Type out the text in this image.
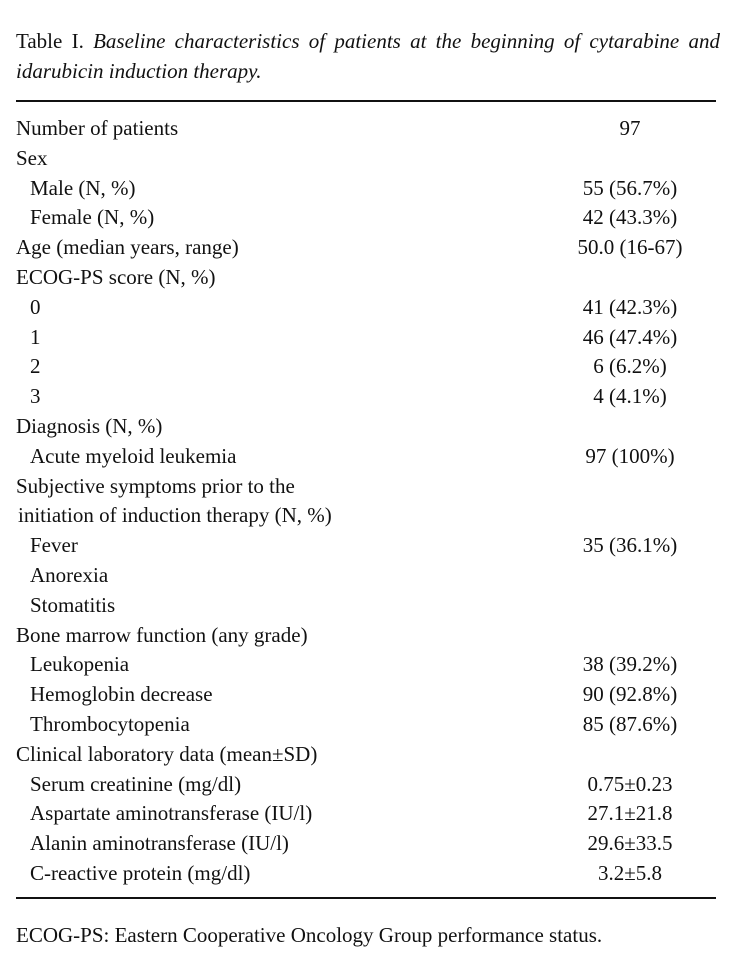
Table I. Baseline characteristics of patients at the beginning of cytarabine and idarubicin induction therapy.
Number of patients	97
Sex
Male (N, %)	55 (56.7%)
Female (N, %)	42 (43.3%)
Age (median years, range)	50.0 (16-67)
ECOG-PS score (N, %)
0	41 (42.3%)
1	46 (47.4%)
2	6 (6.2%)
3	4 (4.1%)
Diagnosis (N, %)
Acute myeloid leukemia	97 (100%)
Subjective symptoms prior to the
initiation of induction therapy (N, %)
Fever	35 (36.1%)
Anorexia
Stomatitis
Bone marrow function (any grade)
Leukopenia	38 (39.2%)
Hemoglobin decrease	90 (92.8%)
Thrombocytopenia	85 (87.6%)
Clinical laboratory data (mean±SD)
Serum creatinine (mg/dl)	0.75±0.23
Aspartate aminotransferase (IU/l)	27.1±21.8
Alanin aminotransferase (IU/l)	29.6±33.5
C-reactive protein (mg/dl)	3.2±5.8
ECOG-PS: Eastern Cooperative Oncology Group performance status.
